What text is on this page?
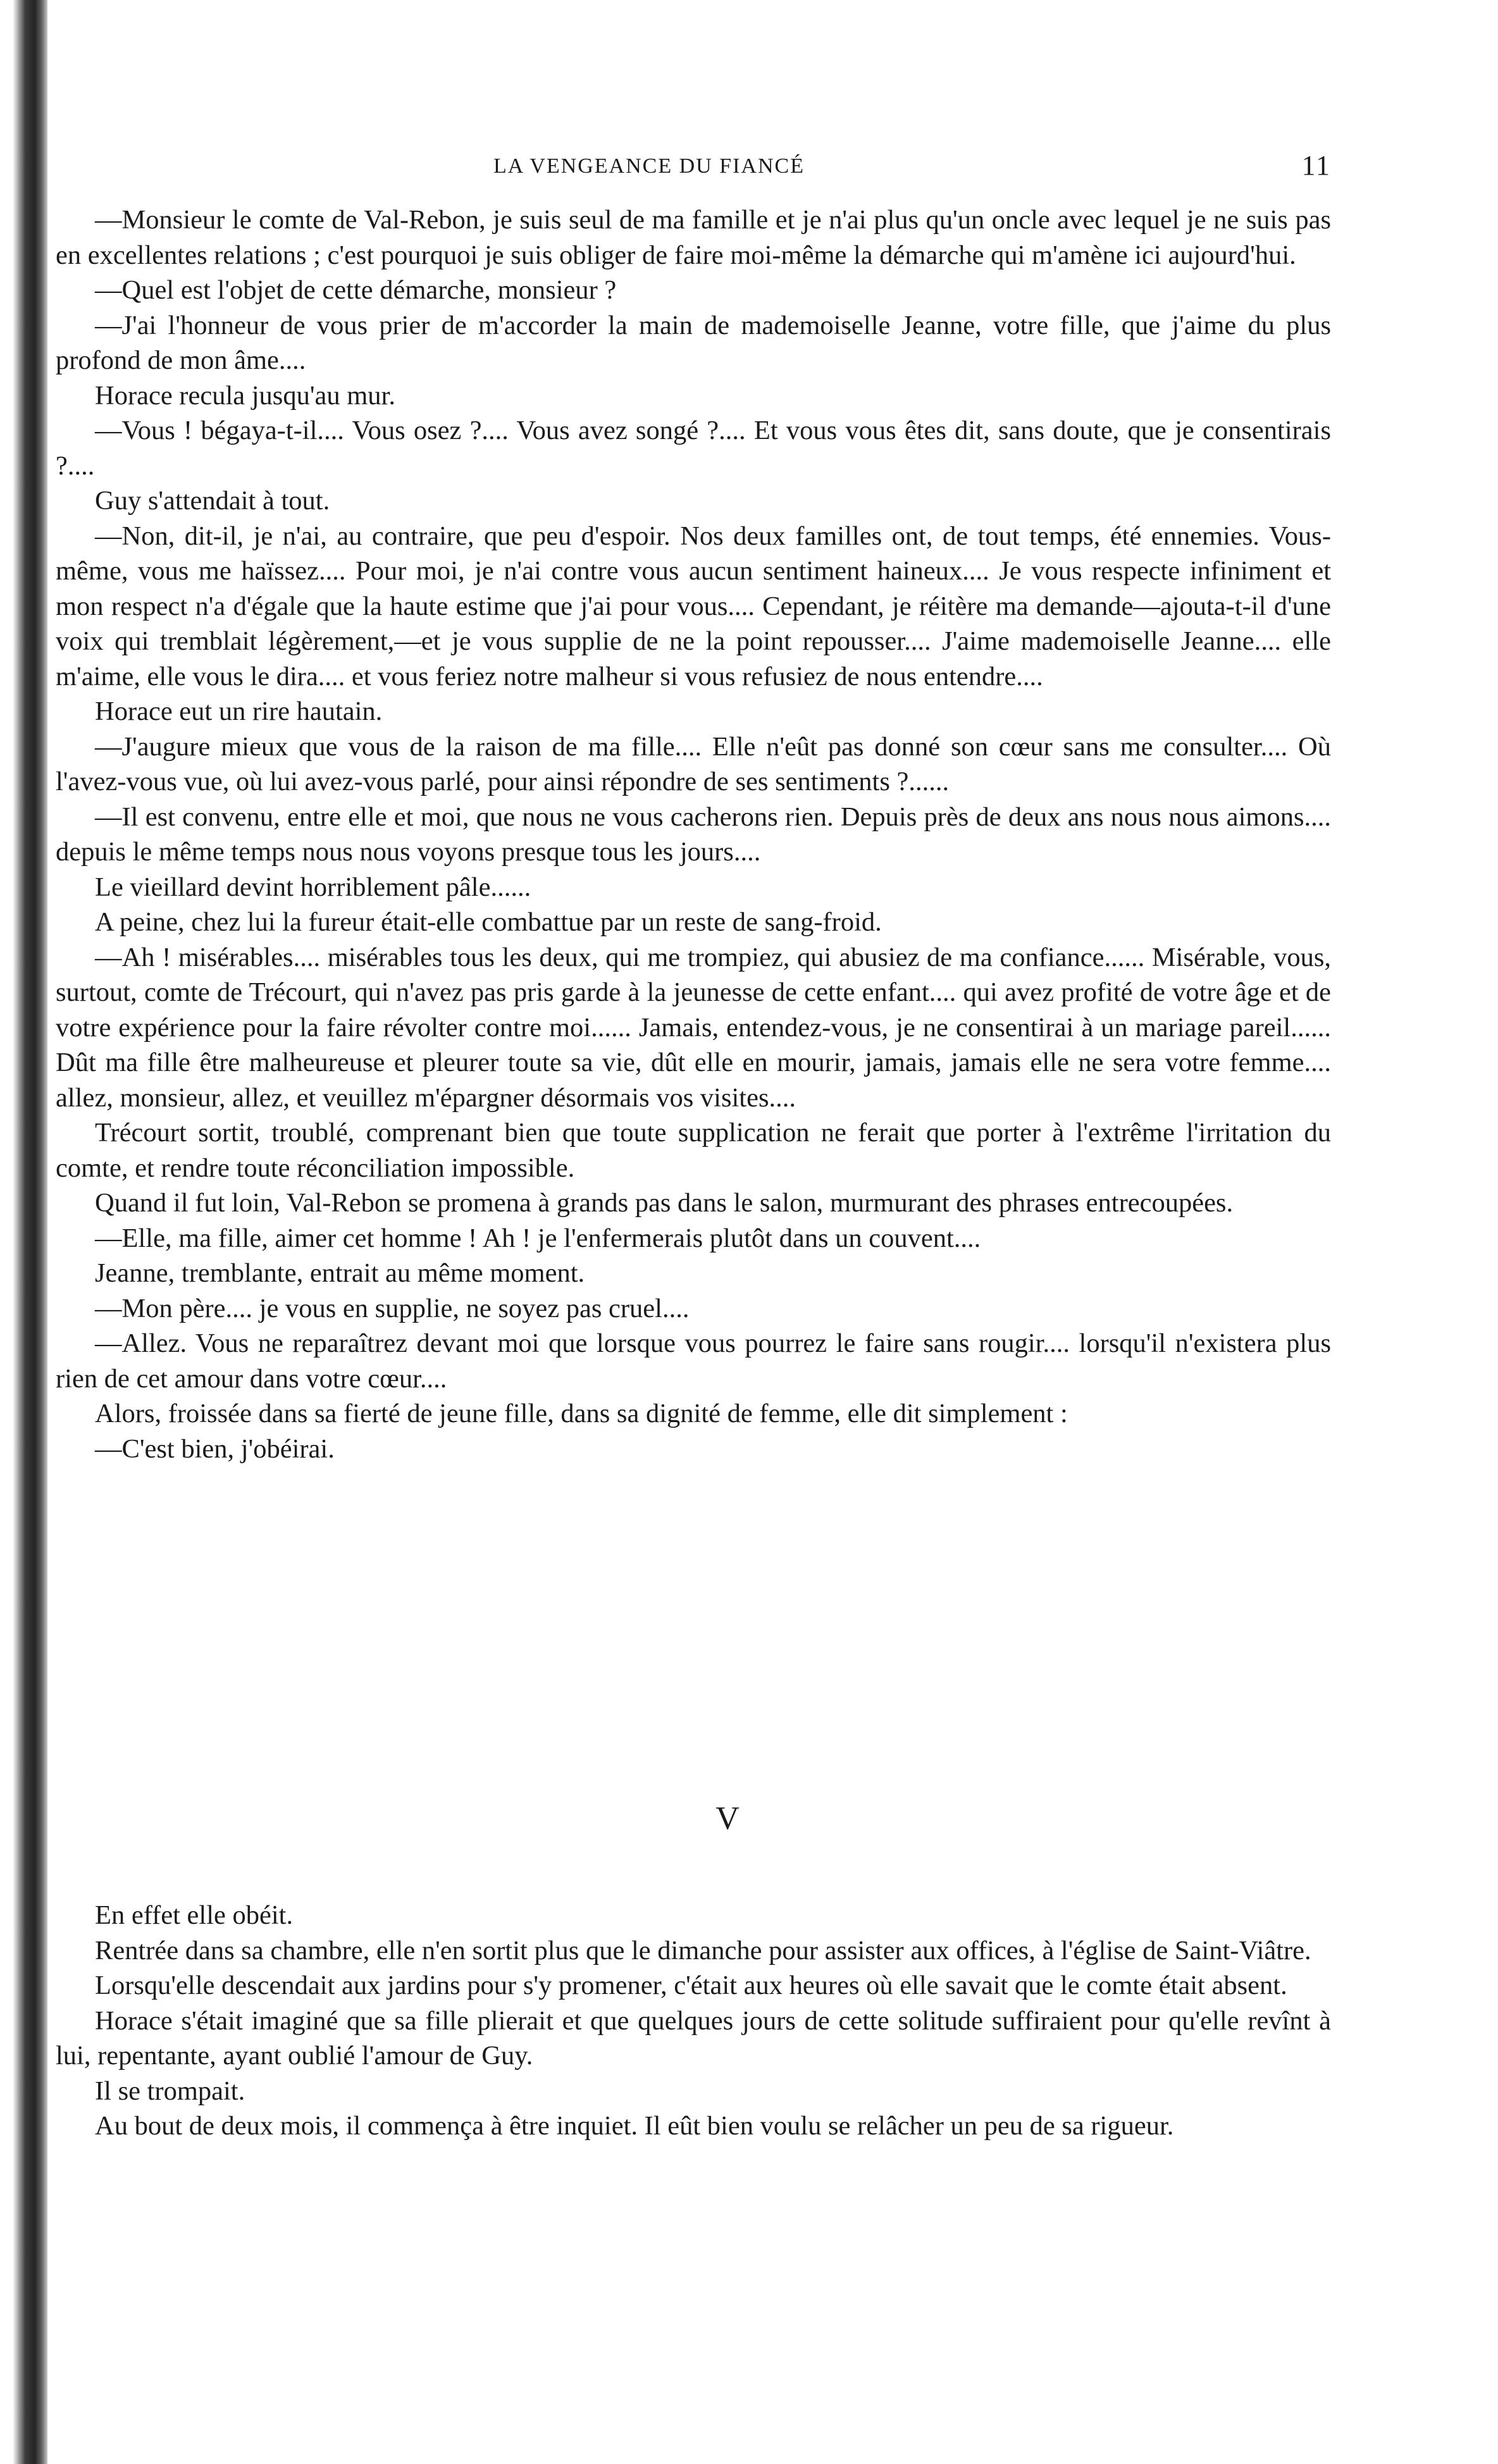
LA VENGEANCE DU FIANCÉ	11

—Monsieur le comte de Val-Rebon, je suis seul de ma famille et je n'ai plus qu'un oncle avec lequel je ne suis pas en excellentes relations ; c'est pourquoi je suis obliger de faire moi-même la démarche qui m'amène ici aujourd'hui.

—Quel est l'objet de cette démarche, monsieur ?

—J'ai l'honneur de vous prier de m'accorder la main de mademoiselle Jeanne, votre fille, que j'aime du plus profond de mon âme....

Horace recula jusqu'au mur.

—Vous ! bégaya-t-il.... Vous osez ?.... Vous avez songé ?.... Et vous vous êtes dit, sans doute, que je consentirais ?....

Guy s'attendait à tout.

—Non, dit-il, je n'ai, au contraire, que peu d'espoir. Nos deux familles ont, de tout temps, été ennemies. Vous-même, vous me haïssez.... Pour moi, je n'ai contre vous aucun sentiment haineux.... Je vous respecte infiniment et mon respect n'a d'égale que la haute estime que j'ai pour vous.... Cependant, je réitère ma demande—ajouta-t-il d'une voix qui tremblait légèrement,—et je vous supplie de ne la point repousser.... J'aime mademoiselle Jeanne.... elle m'aime, elle vous le dira.... et vous feriez notre malheur si vous refusiez de nous entendre....

Horace eut un rire hautain.

—J'augure mieux que vous de la raison de ma fille.... Elle n'eût pas donné son cœur sans me consulter.... Où l'avez-vous vue, où lui avez-vous parlé, pour ainsi répondre de ses sentiments ?......

—Il est convenu, entre elle et moi, que nous ne vous cacherons rien. Depuis près de deux ans nous nous aimons.... depuis le même temps nous nous voyons presque tous les jours....

Le vieillard devint horriblement pâle......

A peine, chez lui la fureur était-elle combattue par un reste de sang-froid.

—Ah ! misérables.... misérables tous les deux, qui me trompiez, qui abusiez de ma confiance...... Misérable, vous, surtout, comte de Trécourt, qui n'avez pas pris garde à la jeunesse de cette enfant.... qui avez profité de votre âge et de votre expérience pour la faire révolter contre moi...... Jamais, entendez-vous, je ne consentirai à un mariage pareil...... Dût ma fille être malheureuse et pleurer toute sa vie, dût elle en mourir, jamais, jamais elle ne sera votre femme.... allez, monsieur, allez, et veuillez m'épargner désormais vos visites....

Trécourt sortit, troublé, comprenant bien que toute supplication ne ferait que porter à l'extrême l'irritation du comte, et rendre toute réconciliation impossible.

Quand il fut loin, Val-Rebon se promena à grands pas dans le salon, murmurant des phrases entrecoupées.

—Elle, ma fille, aimer cet homme ! Ah ! je l'enfermerais plutôt dans un couvent....

Jeanne, tremblante, entrait au même moment.

—Mon père.... je vous en supplie, ne soyez pas cruel....

—Allez. Vous ne reparaîtrez devant moi que lorsque vous pourrez le faire sans rougir.... lorsqu'il n'existera plus rien de cet amour dans votre cœur....

Alors, froissée dans sa fierté de jeune fille, dans sa dignité de femme, elle dit simplement :

—C'est bien, j'obéirai.

V

En effet elle obéit.

Rentrée dans sa chambre, elle n'en sortit plus que le dimanche pour assister aux offices, à l'église de Saint-Viâtre.

Lorsqu'elle descendait aux jardins pour s'y promener, c'était aux heures où elle savait que le comte était absent.

Horace s'était imaginé que sa fille plierait et que quelques jours de cette solitude suffiraient pour qu'elle revînt à lui, repentante, ayant oublié l'amour de Guy.

Il se trompait.

Au bout de deux mois, il commença à être inquiet. Il eût bien voulu se relâcher un peu de sa rigueur.
